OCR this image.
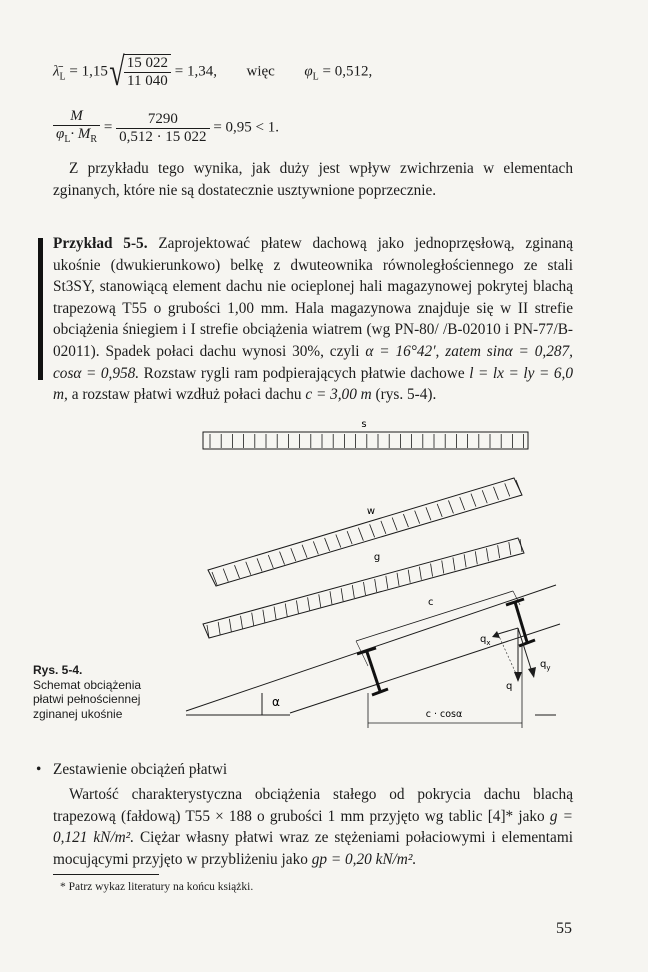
$\lambdā_L = 1,15√ \frac{15 022}{11 040} = 1,34$, więc $\varphi_L = 0,512$,
$\frac{M}{\varphi_L\cdot M_R} = \frac{7290}{0,512 \cdot 15 022} = 0,95 < 1$.
Z przykładu tego wynika, jak duży jest wpływ zwichrzenia w elementach zginanych, które nie są dostatecznie usztywnione poprzecznie.
Przykład 5-5. Zaprojektować płatew dachową jako jednoprzęsłową, zginaną ukośnie (dwukierunkowo) belkę z dwuteownika równoległościennego ze stali St3SY, stanowiącą element dachu nie ocieplonej hali magazynowej pokrytej blachą trapezową T55 o grubości 1,00 mm. Hala magazynowa znajduje się w II strefie obciążenia śniegiem i I strefie obciążenia wiatrem (wg PN-80/ /B-02010 i PN-77/B-02011). Spadek połaci dachu wynosi 30%, czyli α = 16°42′, zatem sinα = 0,287, cosα = 0,958. Rozstaw rygli ram podpierających płatwie dachowe l = lx = ly = 6,0 m, a rozstaw płatwi wzdłuż połaci dachu c = 3,00 m (rys. 5-4).
s
w
g
α
c
$q_x$
$q_y$
q
c · cosα
Rys. 5-4.
Schemat obciążenia
płatwi pełnościennej
zginanej ukośnie
• Zestawienie obciążeń płatwi
Wartość charakterystyczna obciążenia stałego od pokrycia dachu blachą trapezową (fałdową) T55 × 188 o grubości 1 mm przyjęto wg tablic [4]* jako g = 0,121 kN/m². Ciężar własny płatwi wraz ze stężeniami połaciowymi i elementami mocującymi przyjęto w przybliżeniu jako gp = 0,20 kN/m².
* Patrz wykaz literatury na końcu książki.
55
